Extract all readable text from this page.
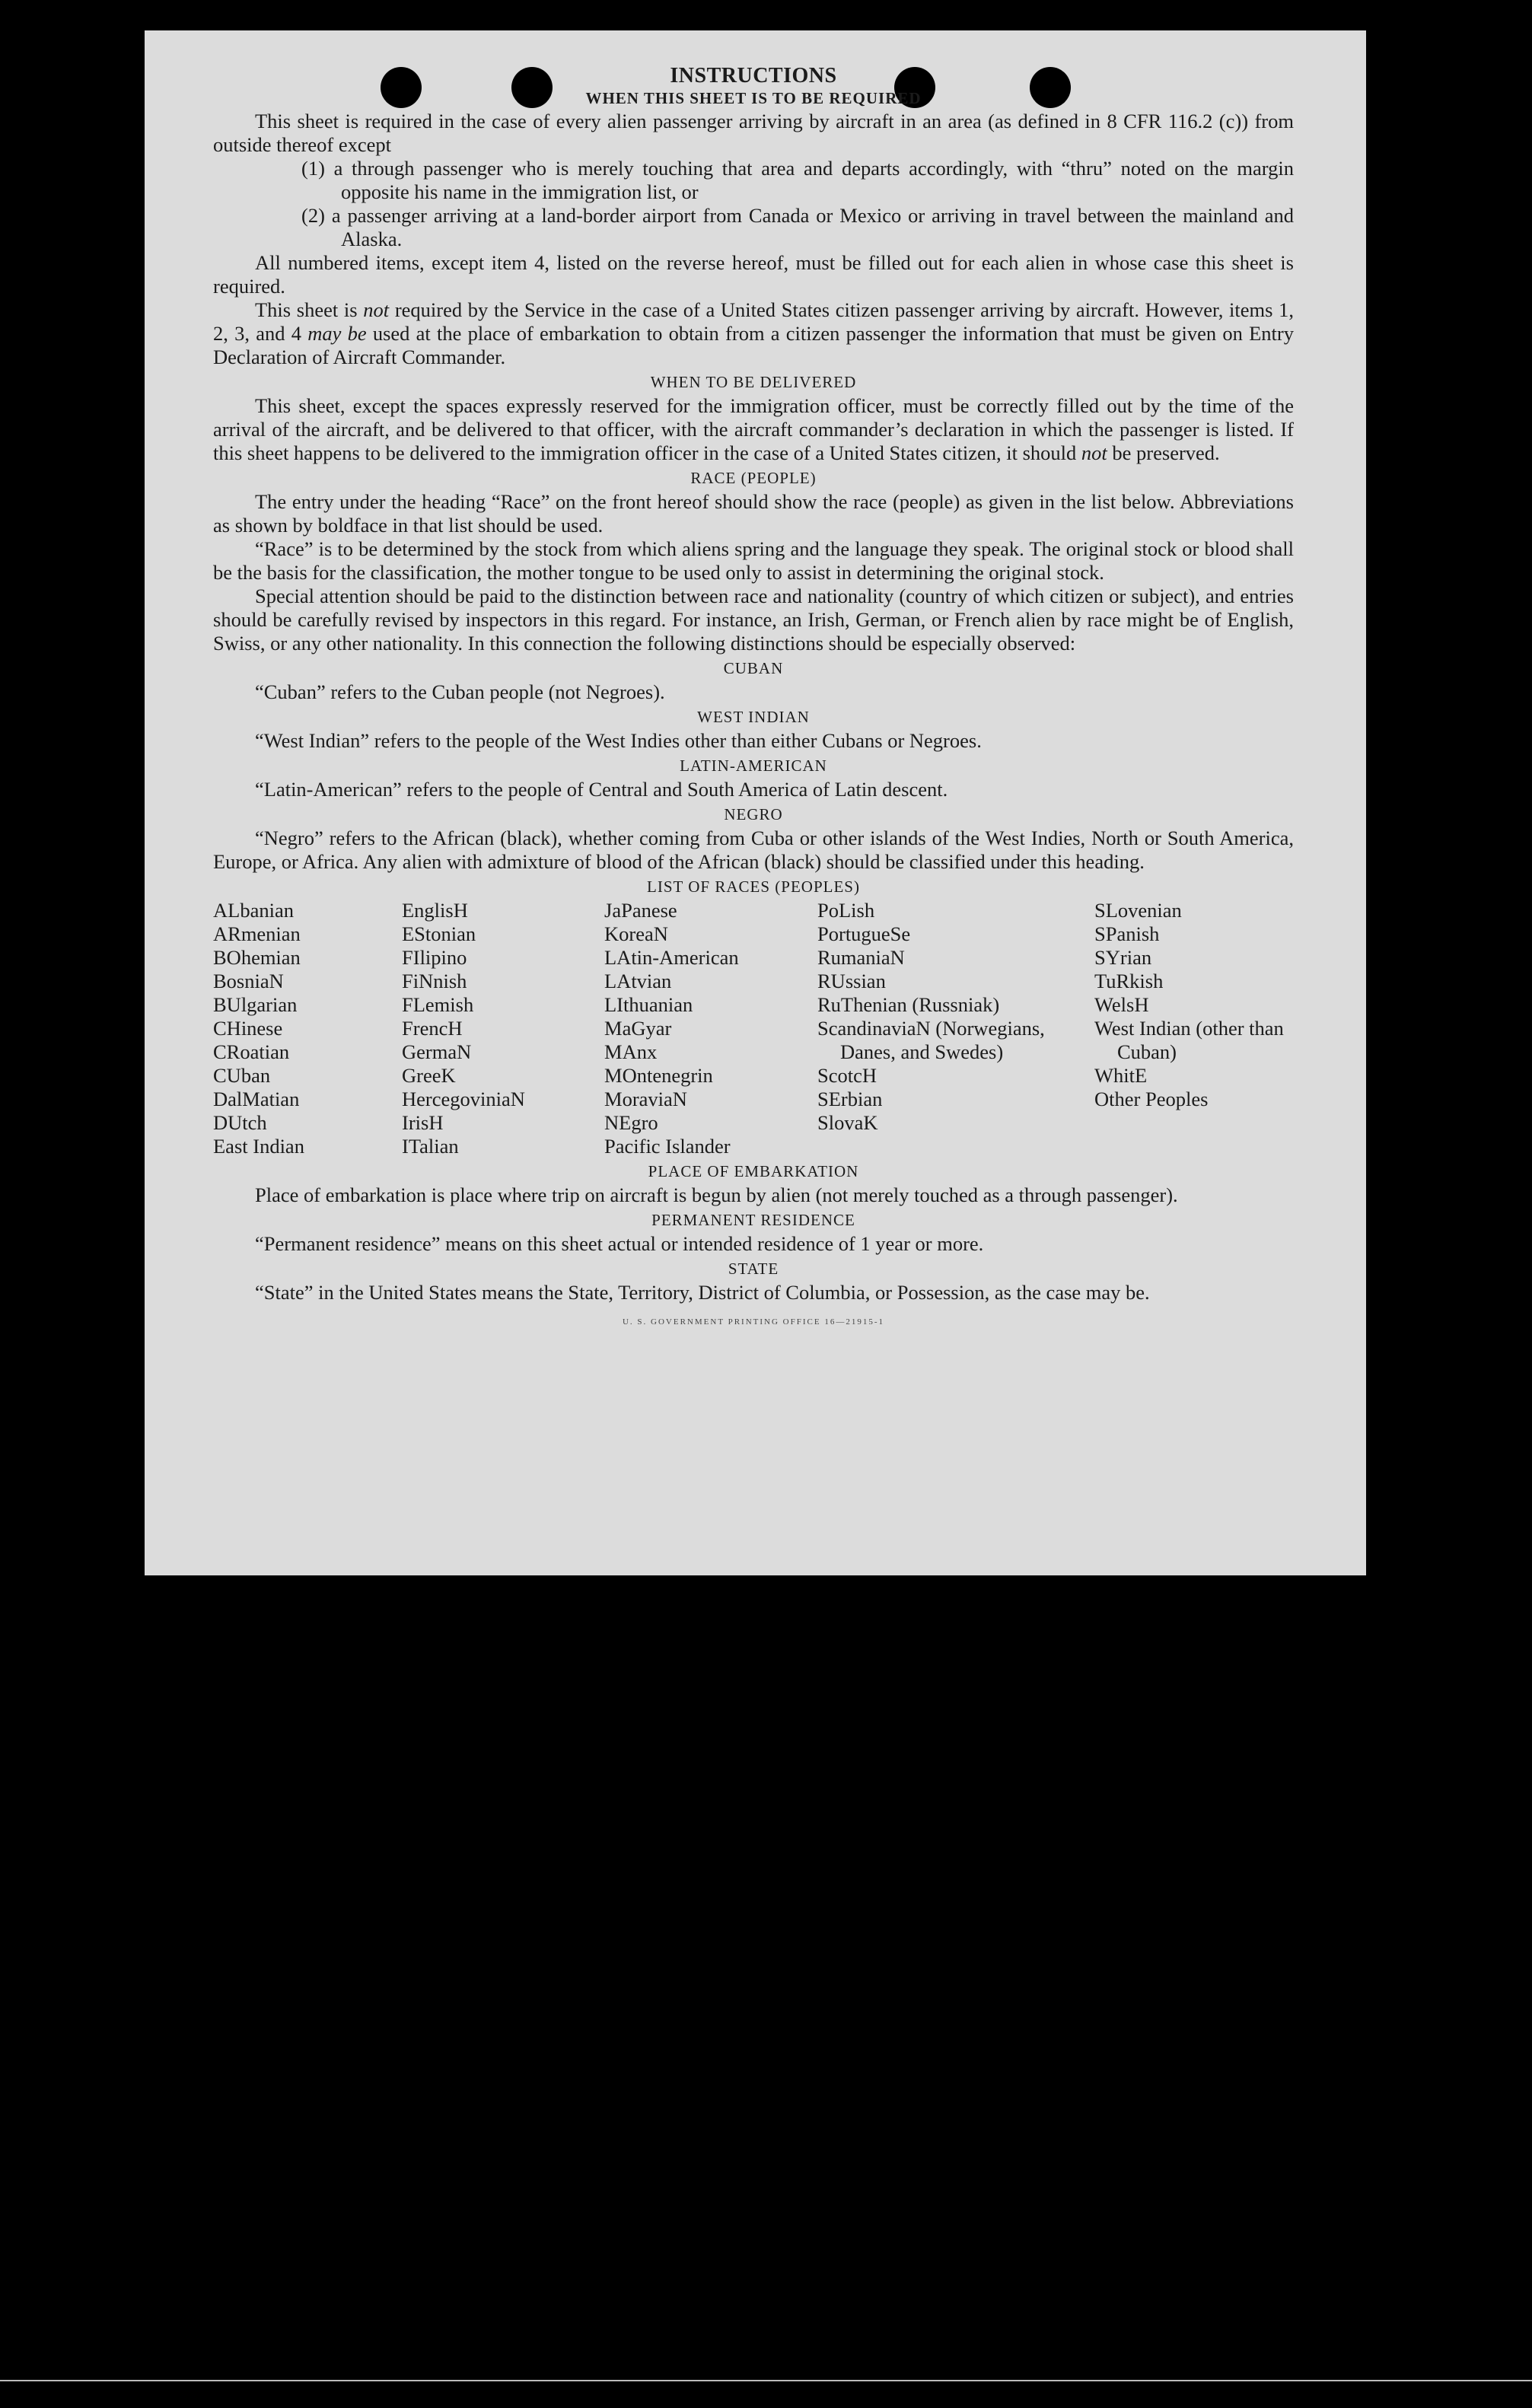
INSTRUCTIONS
WHEN THIS SHEET IS TO BE REQUIRED

This sheet is required in the case of every alien passenger arriving by aircraft in an area (as defined in 8 CFR 116.2 (c)) from outside thereof except

(1) a through passenger who is merely touching that area and departs accordingly, with “thru” noted on the margin opposite his name in the immigration list, or

(2) a passenger arriving at a land-border airport from Canada or Mexico or arriving in travel between the mainland and Alaska.

All numbered items, except item 4, listed on the reverse hereof, must be filled out for each alien in whose case this sheet is required.

This sheet is not required by the Service in the case of a United States citizen passenger arriving by aircraft. However, items 1, 2, 3, and 4 may be used at the place of embarkation to obtain from a citizen passenger the information that must be given on Entry Declaration of Aircraft Commander.

WHEN TO BE DELIVERED

This sheet, except the spaces expressly reserved for the immigration officer, must be correctly filled out by the time of the arrival of the aircraft, and be delivered to that officer, with the aircraft commander’s declaration in which the passenger is listed. If this sheet happens to be delivered to the immigration officer in the case of a United States citizen, it should not be preserved.

RACE (PEOPLE)

The entry under the heading “Race” on the front hereof should show the race (people) as given in the list below. Abbreviations as shown by boldface in that list should be used.

“Race” is to be determined by the stock from which aliens spring and the language they speak. The original stock or blood shall be the basis for the classification, the mother tongue to be used only to assist in determining the original stock.

Special attention should be paid to the distinction between race and nationality (country of which citizen or subject), and entries should be carefully revised by inspectors in this regard. For instance, an Irish, German, or French alien by race might be of English, Swiss, or any other nationality. In this connection the following distinctions should be especially observed:

CUBAN

“Cuban” refers to the Cuban people (not Negroes).

WEST INDIAN

“West Indian” refers to the people of the West Indies other than either Cubans or Negroes.

LATIN-AMERICAN

“Latin-American” refers to the people of Central and South America of Latin descent.

NEGRO

“Negro” refers to the African (black), whether coming from Cuba or other islands of the West Indies, North or South America, Europe, or Africa. Any alien with admixture of blood of the African (black) should be classified under this heading.

LIST OF RACES (PEOPLES)
ALbanian
ARmenian
BOhemian
BosniaN
BUlgarian
CHinese
CRoatian
CUban
DalMatian
DUtch
East Indian
EnglisH
EStonian
FIlipino
FiNnish
FLemish
FrencH
GermaN
GreeK
HercegoviniaN
IrisH
ITalian
JaPanese
KoreaN
LAtin-American
LAtvian
LIthuanian
MaGyar
MAnx
MOntenegrin
MoraviaN
NEgro
Pacific Islander
PoLish
PortugueSe
RumaniaN
RUssian
RuThenian (Russniak)
ScandinaviaN (Norwegians, Danes, and Swedes)
ScotcH
SErbian
SlovaK
SLovenian
SPanish
SYrian
TuRkish
WelsH
West Indian (other than Cuban)
WhitE
Other Peoples
PLACE OF EMBARKATION

Place of embarkation is place where trip on aircraft is begun by alien (not merely touched as a through passenger).

PERMANENT RESIDENCE

“Permanent residence” means on this sheet actual or intended residence of 1 year or more.

STATE

“State” in the United States means the State, Territory, District of Columbia, or Possession, as the case may be.

U. S. GOVERNMENT PRINTING OFFICE 16—21915-1
